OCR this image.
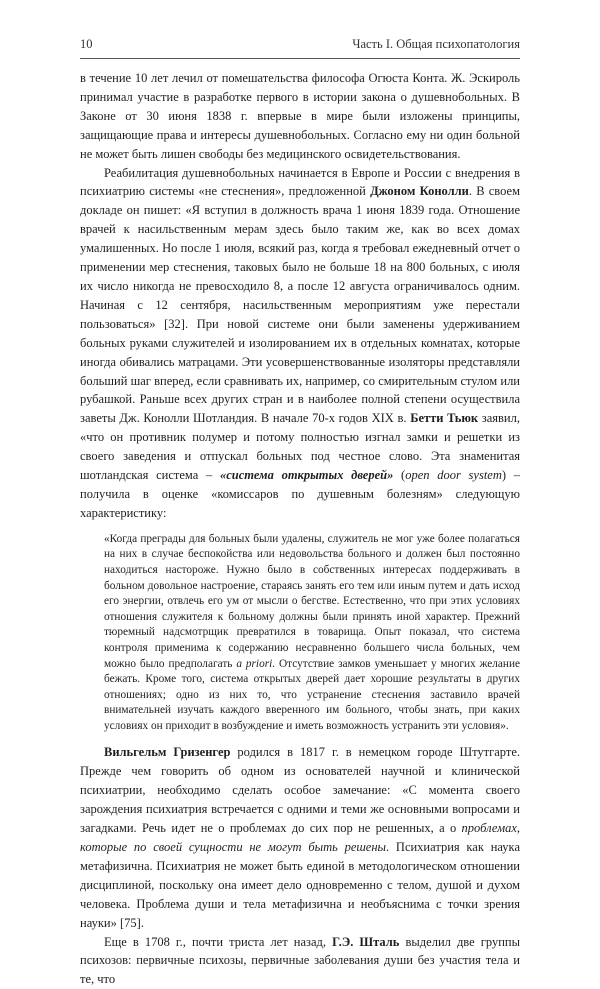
10	Часть I. Общая психопатология

в течение 10 лет лечил от помешательства философа Огюста Конта. Ж. Эскироль принимал участие в разработке первого в истории закона о душевнобольных. В Законе от 30 июня 1838 г. впервые в мире были изложены принципы, защищающие права и интересы душевнобольных. Согласно ему ни один больной не может быть лишен свободы без медицинского освидетельствования.

Реабилитация душевнобольных начинается в Европе и России с внедрения в психиатрию системы «не стеснения», предложенной Джоном Конолли. В своем докладе он пишет: «Я вступил в должность врача 1 июня 1839 года. Отношение врачей к насильственным мерам здесь было таким же, как во всех домах умалишенных. Но после 1 июля, всякий раз, когда я требовал ежедневный отчет о применении мер стеснения, таковых было не больше 18 на 800 больных, с июля их число никогда не превосходило 8, а после 12 августа ограничивалось одним. Начиная с 12 сентября, насильственным мероприятиям уже перестали пользоваться» [32]. При новой системе они были заменены удерживанием больных руками служителей и изолированием их в отдельных комнатах, которые иногда обивались матрацами. Эти усовершенствованные изоляторы представляли больший шаг вперед, если сравнивать их, например, со смирительным стулом или рубашкой. Раньше всех других стран и в наиболее полной степени осуществила заветы Дж. Конолли Шотландия. В начале 70-х годов XIX в. Бетти Тьюк заявил, «что он противник полумер и потому полностью изгнал замки и решетки из своего заведения и отпускал больных под честное слово. Эта знаменитая шотландская система – «система открытых дверей» (open door system) – получила в оценке «комиссаров по душевным болезням» следующую характеристику:

«Когда преграды для больных были удалены, служитель не мог уже более полагаться на них в случае беспокойства или недовольства больного и должен был постоянно находиться настороже. Нужно было в собственных интересах поддерживать в больном довольное настроение, стараясь занять его тем или иным путем и дать исход его энергии, отвлечь его ум от мысли о бегстве. Естественно, что при этих условиях отношения служителя к больному должны были принять иной характер. Прежний тюремный надсмотрщик превратился в товарища. Опыт показал, что система контроля применима к содержанию несравненно большего числа больных, чем можно было предполагать a priori. Отсутствие замков уменьшает у многих желание бежать. Кроме того, система открытых дверей дает хорошие результаты в других отношениях; одно из них то, что устранение стеснения заставило врачей внимательней изучать каждого вверенного им больного, чтобы знать, при каких условиях он приходит в возбуждение и иметь возможность устранить эти условия».

Вильгельм Гризенгер родился в 1817 г. в немецком городе Штутгарте. Прежде чем говорить об одном из основателей научной и клинической психиатрии, необходимо сделать особое замечание: «С момента своего зарождения психиатрия встречается с одними и теми же основными вопросами и загадками. Речь идет не о проблемах до сих пор не решенных, а о проблемах, которые по своей сущности не могут быть решены. Психиатрия как наука метафизична. Психиатрия не может быть единой в методологическом отношении дисциплиной, поскольку она имеет дело одновременно с телом, душой и духом человека. Проблема души и тела метафизична и необъяснима с точки зрения науки» [75].

Еще в 1708 г., почти триста лет назад, Г.Э. Шталь выделил две группы психозов: первичные психозы, первичные заболевания души без участия тела и те, что
